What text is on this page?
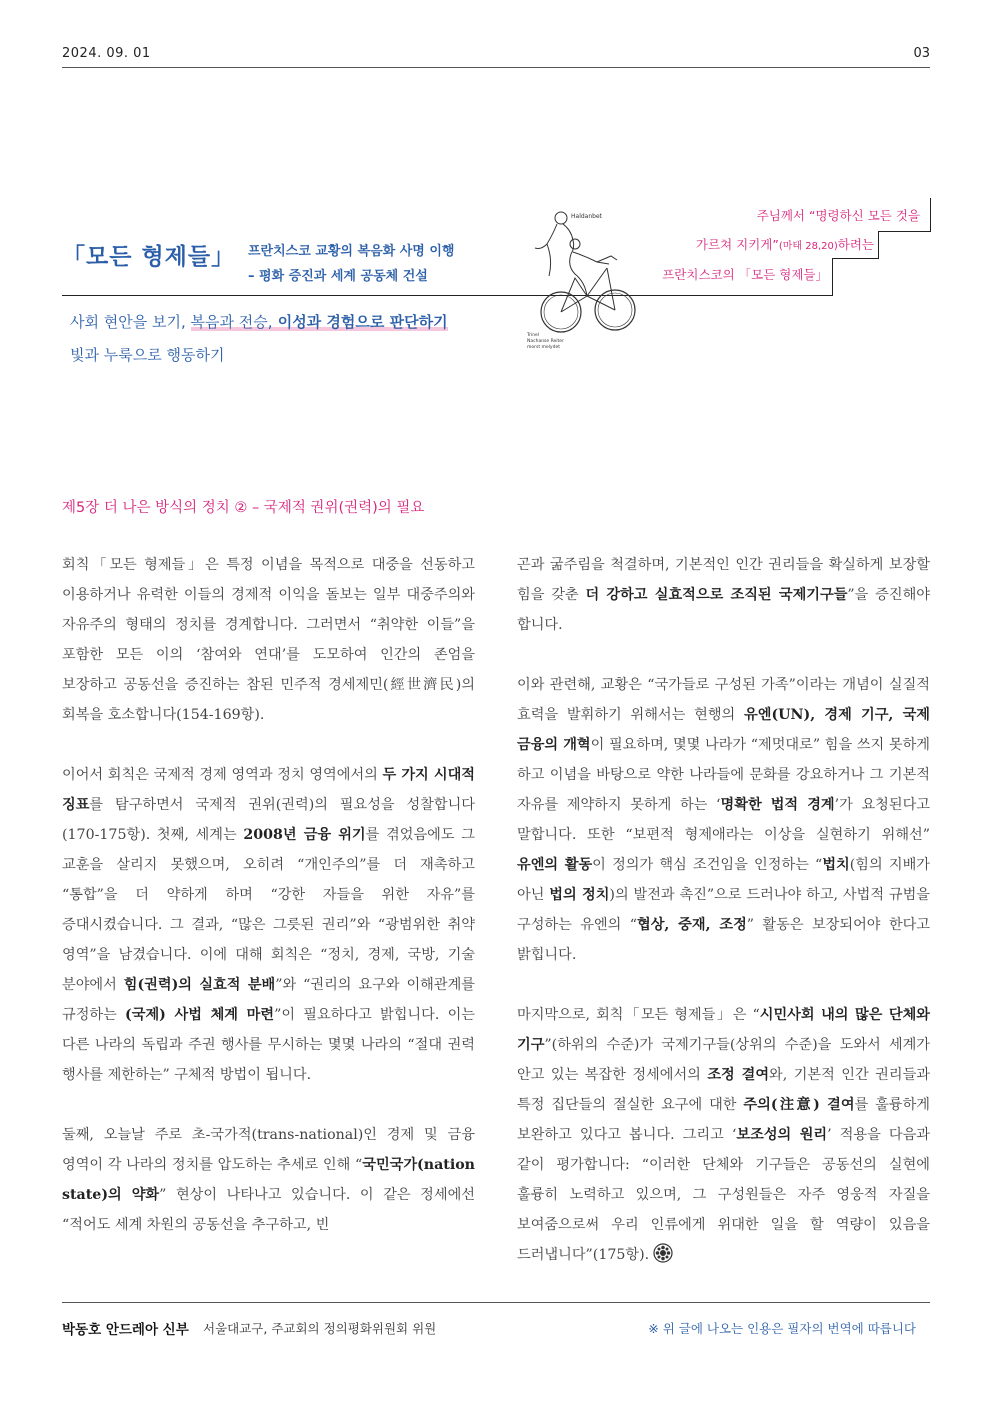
2024. 09. 01	03
「모든 형제들」 프란치스코 교황의 복음화 사명 이행
– 평화 증진과 세계 공동체 건설
주님께서 “명령하신 모든 것을
가르쳐 지키게”(마태 28,20)하려는
프란치스코의 「모든 형제들」
Haldanbet
Trinel
Nachanse Reiter
morst melydet
사회 현안을 보기, 복음과 전승, 이성과 경험으로 판단하기
빛과 누룩으로 행동하기
제5장 더 나은 방식의 정치 ② – 국제적 권위(권력)의 필요

회칙「모든 형제들」은 특정 이념을 목적으로 대중을 선동하고 이용하거나 유력한 이들의 경제적 이익을 돌보는 일부 대중주의와 자유주의 형태의 정치를 경계합니다. 그러면서 “취약한 이들”을 포함한 모든 이의 ‘참여와 연대’를 도모하여 인간의 존엄을 보장하고 공동선을 증진하는 참된 민주적 경세제민(經世濟民)의 회복을 호소합니다(154-169항).

이어서 회칙은 국제적 경제 영역과 정치 영역에서의 두 가지 시대적 징표를 탐구하면서 국제적 권위(권력)의 필요성을 성찰합니다(170-175항). 첫째, 세계는 2008년 금융 위기를 겪었음에도 그 교훈을 살리지 못했으며, 오히려 “개인주의”를 더 재촉하고 “통합”을 더 약하게 하며 “강한 자들을 위한 자유”를 증대시켰습니다. 그 결과, “많은 그릇된 권리”와 “광범위한 취약 영역”을 남겼습니다. 이에 대해 회칙은 “정치, 경제, 국방, 기술 분야에서 힘(권력)의 실효적 분배”와 “권리의 요구와 이해관계를 규정하는 (국제) 사법 체계 마련”이 필요하다고 밝힙니다. 이는 다른 나라의 독립과 주권 행사를 무시하는 몇몇 나라의 “절대 권력 행사를 제한하는” 구체적 방법이 됩니다.

둘째, 오늘날 주로 초-국가적(trans-national)인 경제 및 금융 영역이 각 나라의 정치를 압도하는 추세로 인해 “국민국가(nation state)의 약화” 현상이 나타나고 있습니다. 이 같은 정세에선 “적어도 세계 차원의 공동선을 추구하고, 빈

곤과 굶주림을 척결하며, 기본적인 인간 권리들을 확실하게 보장할 힘을 갖춘 더 강하고 실효적으로 조직된 국제기구들”을 증진해야 합니다.

이와 관련해, 교황은 “국가들로 구성된 가족”이라는 개념이 실질적 효력을 발휘하기 위해서는 현행의 유엔(UN), 경제 기구, 국제 금융의 개혁이 필요하며, 몇몇 나라가 “제멋대로” 힘을 쓰지 못하게 하고 이념을 바탕으로 약한 나라들에 문화를 강요하거나 그 기본적 자유를 제약하지 못하게 하는 ‘명확한 법적 경계’가 요청된다고 말합니다. 또한 “보편적 형제애라는 이상을 실현하기 위해선” 유엔의 활동이 정의가 핵심 조건임을 인정하는 “법치(힘의 지배가 아닌 법의 정치)의 발전과 촉진”으로 드러나야 하고, 사법적 규범을 구성하는 유엔의 “협상, 중재, 조정” 활동은 보장되어야 한다고 밝힙니다.

마지막으로, 회칙「모든 형제들」은 “시민사회 내의 많은 단체와 기구”(하위의 수준)가 국제기구들(상위의 수준)을 도와서 세계가 안고 있는 복잡한 정세에서의 조정 결여와, 기본적 인간 권리들과 특정 집단들의 절실한 요구에 대한 주의(注意) 결여를 훌륭하게 보완하고 있다고 봅니다. 그리고 ‘보조성의 원리’ 적용을 다음과 같이 평가합니다: “이러한 단체와 기구들은 공동선의 실현에 훌륭히 노력하고 있으며, 그 구성원들은 자주 영웅적 자질을 보여줌으로써 우리 인류에게 위대한 일을 할 역량이 있음을 드러냅니다”(175항).

박동호 안드레아 신부 서울대교구, 주교회의 정의평화위원회 위원	※ 위 글에 나오는 인용은 필자의 번역에 따릅니다
